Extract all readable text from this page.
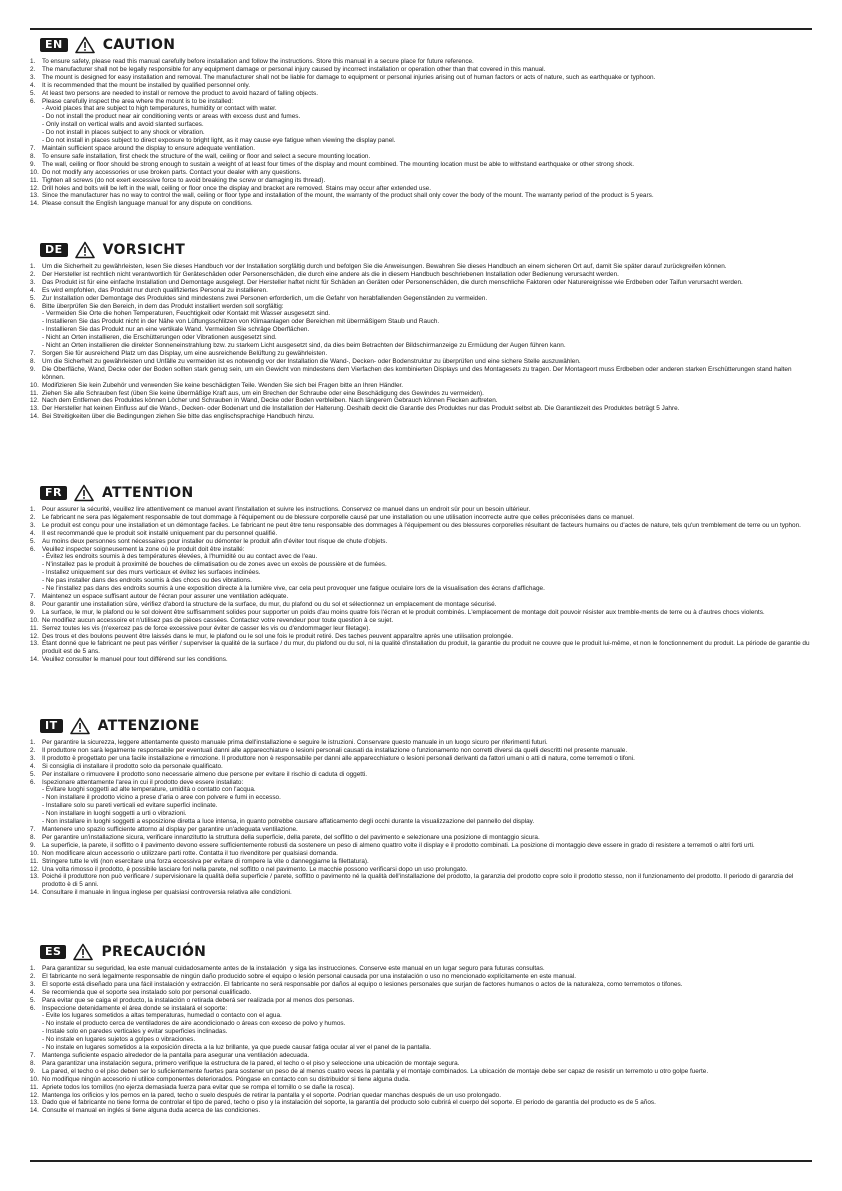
EN	CAUTION
1. To ensure safety, please read this manual carefully before installation and follow the instructions. Store this manual in a secure place for future reference.
2. The manufacturer shall not be legally responsible for any equipment damage or personal injury caused by incorrect installation or operation other than that covered in this manual.
3. The mount is designed for easy installation and removal. The manufacturer shall not be liable for damage to equipment or personal injuries arising out of human factors or acts of nature, such as earthquake or typhoon.
4. It is recommended that the mount be installed by qualified personnel only.
5. At least two persons are needed to install or remove the product to avoid hazard of falling objects.
6. Please carefully inspect the area where the mount is to be installed:
- Avoid places that are subject to high temperatures, humidity or contact with water.
- Do not install the product near air conditioning vents or areas with excess dust and fumes.
- Only install on vertical walls and avoid slanted surfaces.
- Do not install in places subject to any shock or vibration.
- Do not install in places subject to direct exposure to bright light, as it may cause eye fatigue when viewing the display panel.
7. Maintain sufficient space around the display to ensure adequate ventilation.
8. To ensure safe installation, first check the structure of the wall, ceiling or floor and select a secure mounting location.
9. The wall, ceiling or floor should be strong enough to sustain a weight of at least four times of the display and mount combined. The mounting location must be able to withstand earthquake or other strong shock.
10. Do not modify any accessories or use broken parts. Contact your dealer with any questions.
11. Tighten all screws (do not exert excessive force to avoid breaking the screw or damaging its thread).
12. Drill holes and bolts will be left in the wall, ceiling or floor once the display and bracket are removed. Stains may occur after extended use.
13. Since the manufacturer has no way to control the wall, ceiling or floor type and installation of the mount, the warranty of the product shall only cover the body of the mount. The warranty period of the product is 5 years.
14. Please consult the English language manual for any dispute on conditions.
DE	VORSICHT
1. Um die Sicherheit zu gewährleisten, lesen Sie dieses Handbuch vor der Installation sorgfältig durch und befolgen Sie die Anweisungen. Bewahren Sie dieses Handbuch an einem sicheren Ort auf, damit Sie später darauf zurückgreifen können.
2. Der Hersteller ist rechtlich nicht verantwortlich für Geräteschäden oder Personenschäden, die durch eine andere als die in diesem Handbuch beschriebenen Installation oder Bedienung verursacht werden.
3. Das Produkt ist für eine einfache Installation und Demontage ausgelegt. Der Hersteller haftet nicht für Schäden an Geräten oder Personenschäden, die durch menschliche Faktoren oder Naturereignisse wie Erdbeben oder Taifun verursacht werden.
4. Es wird empfohlen, das Produkt nur durch qualifiziertes Personal zu installieren.
5. Zur Installation oder Demontage des Produktes sind mindestens zwei Personen erforderlich, um die Gefahr von herabfallenden Gegenständen zu vermeiden.
6. Bitte überprüfen Sie den Bereich, in dem das Produkt installiert werden soll sorgfältig:
- Vermeiden Sie Orte die hohen Temperaturen, Feuchtigkeit oder Kontakt mit Wasser ausgesetzt sind.
- Installieren Sie das Produkt nicht in der Nähe von Lüftungsschlitzen von Klimaanlagen oder Bereichen mit übermäßigem Staub und Rauch.
- Installieren Sie das Produkt nur an eine vertikale Wand. Vermeiden Sie schräge Oberflächen.
- Nicht an Orten installieren, die Erschütterungen oder Vibrationen ausgesetzt sind.
- Nicht an Orten installieren die direkter Sonneneinstrahlung bzw. zu starkem Licht ausgesetzt sind, da dies beim Betrachten der Bildschirmanzeige zu Ermüdung der Augen führen kann.
7. Sorgen Sie für ausreichend Platz um das Display, um eine ausreichende Belüftung zu gewährleisten.
8. Um die Sicherheit zu gewährleisten und Unfälle zu vermeiden ist es notwendig vor der Installation die Wand-, Decken- oder Bodenstruktur zu überprüfen und eine sichere Stelle auszuwählen.
9. Die Oberfläche, Wand, Decke oder der Boden sollten stark genug sein, um ein Gewicht von mindestens dem Vierfachen des kombinierten Displays und des Montagesets zu tragen. Der Montageort muss Erdbeben oder anderen starken Erschütterungen stand halten können.
10. Modifizieren Sie kein Zubehör und verwenden Sie keine beschädigten Teile. Wenden Sie sich bei Fragen bitte an Ihren Händler.
11. Ziehen Sie alle Schrauben fest (üben Sie keine übermäßige Kraft aus, um ein Brechen der Schraube oder eine Beschädigung des Gewindes zu vermeiden).
12. Nach dem Entfernen des Produktes können Löcher und Schrauben in Wand, Decke oder Boden verbleiben. Nach längerem Gebrauch können Flecken auftreten.
13. Der Hersteller hat keinen Einfluss auf die Wand-, Decken- oder Bodenart und die Installation der Halterung. Deshalb deckt die Garantie des Produktes nur das Produkt selbst ab. Die Garantiezeit des Produktes beträgt 5 Jahre.
14. Bei Streitigkeiten über die Bedingungen ziehen Sie bitte das englischsprachige Handbuch hinzu.
FR	ATTENTION
1. Pour assurer la sécurité, veuillez lire attentivement ce manuel avant l'installation et suivre les instructions. Conservez ce manuel dans un endroit sûr pour un besoin ultérieur.
2. Le fabricant ne sera pas légalement responsable de tout dommage à l'équipement ou de blessure corporelle causé par une installation ou une utilisation incorrecte autre que celles préconisées dans ce manuel.
3. Le produit est conçu pour une installation et un démontage faciles. Le fabricant ne peut être tenu responsable des dommages à l'équipement ou des blessures corporelles résultant de facteurs humains ou d'actes de nature, tels qu'un tremblement de terre ou un typhon.
4. Il est recommandé que le produit soit installé uniquement par du personnel qualifié.
5. Au moins deux personnes sont nécessaires pour installer ou démonter le produit afin d'éviter tout risque de chute d'objets.
6. Veuillez inspecter soigneusement la zone où le produit doit être installé:
- Évitez les endroits soumis à des températures élevées, à l'humidité ou au contact avec de l'eau.
- N'installez pas le produit à proximité de bouches de climatisation ou de zones avec un excès de poussière et de fumées.
- Installez uniquement sur des murs verticaux et évitez les surfaces inclinées.
- Ne pas installer dans des endroits soumis à des chocs ou des vibrations.
- Ne l'installez pas dans des endroits soumis à une exposition directe à la lumière vive, car cela peut provoquer une fatigue oculaire lors de la visualisation des écrans d'affichage.
7. Maintenez un espace suffisant autour de l'écran pour assurer une ventilation adéquate.
8. Pour garantir une installation sûre, vérifiez d'abord la structure de la surface, du mur, du plafond ou du sol et sélectionnez un emplacement de montage sécurisé.
9. La surface, le mur, le plafond ou le sol doivent être suffisamment solides pour supporter un poids d'au moins quatre fois l'écran et le produit combinés. L'emplacement de montage doit pouvoir résister aux tremble-ments de terre ou à d'autres chocs violents.
10. Ne modifiez aucun accessoire et n'utilisez pas de pièces cassées. Contactez votre revendeur pour toute question à ce sujet.
11. Serrez toutes les vis (n'exercez pas de force excessive pour éviter de casser les vis ou d'endommager leur filetage).
12. Des trous et des boulons peuvent être laissés dans le mur, le plafond ou le sol une fois le produit retiré. Des taches peuvent apparaître après une utilisation prolongée.
13. Étant donné que le fabricant ne peut pas vérifier / superviser la qualité de la surface / du mur, du plafond ou du sol, ni la qualité d'installation du produit, la garantie du produit ne couvre que le produit lui-même, et non le fonctionnement du produit. La période de garantie du produit est de 5 ans.
14. Veuillez consulter le manuel pour tout différend sur les conditions.
IT	ATTENZIONE
1. Per garantire la sicurezza, leggere attentamente questo manuale prima dell'installazione e seguire le istruzioni. Conservare questo manuale in un luogo sicuro per riferimenti futuri.
2. Il produttore non sarà legalmente responsabile per eventuali danni alle apparecchiature o lesioni personali causati da installazione o funzionamento non corretti diversi da quelli descritti nel presente manuale.
3. Il prodotto è progettato per una facile installazione e rimozione. Il produttore non è responsabile per danni alle apparecchiature o lesioni personali derivanti da fattori umani o atti di natura, come terremoti o tifoni.
4. Si consiglia di installare il prodotto solo da personale qualificato.
5. Per installare o rimuovere il prodotto sono necessarie almeno due persone per evitare il rischio di caduta di oggetti.
6. Ispezionare attentamente l'area in cui il prodotto deve essere installato:
- Evitare luoghi soggetti ad alte temperature, umidità o contatto con l'acqua.
- Non installare il prodotto vicino a prese d'aria o aree con polvere e fumi in eccesso.
- Installare solo su pareti verticali ed evitare superfici inclinate.
- Non installare in luoghi soggetti a urti o vibrazioni.
- Non installare in luoghi soggetti a esposizione diretta a luce intensa, in quanto potrebbe causare affaticamento degli occhi durante la visualizzazione del pannello del display.
7. Mantenere uno spazio sufficiente attorno al display per garantire un'adeguata ventilazione.
8. Per garantire un'installazione sicura, verificare innanzitutto la struttura della superficie, della parete, del soffitto o del pavimento e selezionare una posizione di montaggio sicura.
9. La superficie, la parete, il soffitto o il pavimento devono essere sufficientemente robusti da sostenere un peso di almeno quattro volte il display e il prodotto combinati. La posizione di montaggio deve essere in grado di resistere a terremoti o altri forti urti.
10. Non modificare alcun accessorio o utilizzare parti rotte. Contatta il tuo rivenditore per qualsiasi domanda.
11. Stringere tutte le viti (non esercitare una forza eccessiva per evitare di rompere la vite o danneggiarne la filettatura).
12. Una volta rimosso il prodotto, è possibile lasciare fori nella parete, nel soffitto o nel pavimento. Le macchie possono verificarsi dopo un uso prolungato.
13. Poiché il produttore non può verificare / supervisionare la qualità della superficie / parete, soffitto o pavimento né la qualità dell'installazione del prodotto, la garanzia del prodotto copre solo il prodotto stesso, non il funzionamento del prodotto. Il periodo di garanzia del prodotto è di 5 anni.
14. Consultare il manuale in lingua inglese per qualsiasi controversia relativa alle condizioni.
ES	PRECAUCIÓN
1. Para garantizar su seguridad, lea este manual cuidadosamente antes de la instalación  y siga las instrucciones. Conserve este manual en un lugar seguro para futuras consultas.
2. El fabricante no será legalmente responsable de ningún daño producido sobre el equipo o lesión personal causada por una instalación o uso no mencionado explícitamente en este manual.
3. El soporte está diseñado para una fácil instalación y extracción. El fabricante no será responsable por daños al equipo o lesiones personales que surjan de factores humanos o actos de la naturaleza, como terremotos o tifones.
4. Se recomienda que el soporte sea instalado solo por personal cualificado.
5. Para evitar que se caiga el producto, la instalación o retirada deberá ser realizada por al menos dos personas.
6. Inspeccione detenidamente el área donde se instalará el soporte:
- Evite los lugares sometidos a altas temperaturas, humedad o contacto con el agua.
- No instale el producto cerca de ventiladores de aire acondicionado o áreas con exceso de polvo y humos.
- Instale solo en paredes verticales y evitar superficies inclinadas.
- No instale en lugares sujetos a golpes o vibraciones.
- No instale en lugares sometidos a la exposición directa a la luz brillante, ya que puede causar fatiga ocular al ver el panel de la pantalla.
7. Mantenga suficiente espacio alrededor de la pantalla para asegurar una ventilación adecuada.
8. Para garantizar una instalación segura, primero verifique la estructura de la pared, el techo o el piso y seleccione una ubicación de montaje segura.
9. La pared, el techo o el piso deben ser lo suficientemente fuertes para sostener un peso de al menos cuatro veces la pantalla y el montaje combinados. La ubicación de montaje debe ser capaz de resistir un terremoto u otro golpe fuerte.
10. No modifique ningún accesorio ni utilice componentes deteriorados. Póngase en contacto con su distribuidor si tiene alguna duda.
11. Apriete todos los tornillos (no ejerza demasiada fuerza para evitar que se rompa el tornillo o se dañe la rosca).
12. Mantenga los orificios y los pernos en la pared, techo o suelo después de retirar la pantalla y el soporte. Podrían quedar manchas después de un uso prolongado.
13. Dado que el fabricante no tiene forma de controlar el tipo de pared, techo o piso y la instalación del soporte, la garantía del producto solo cubrirá el cuerpo del soporte. El periodo de garantía del producto es de 5 años.
14. Consulte el manual en inglés si tiene alguna duda acerca de las condiciones.
